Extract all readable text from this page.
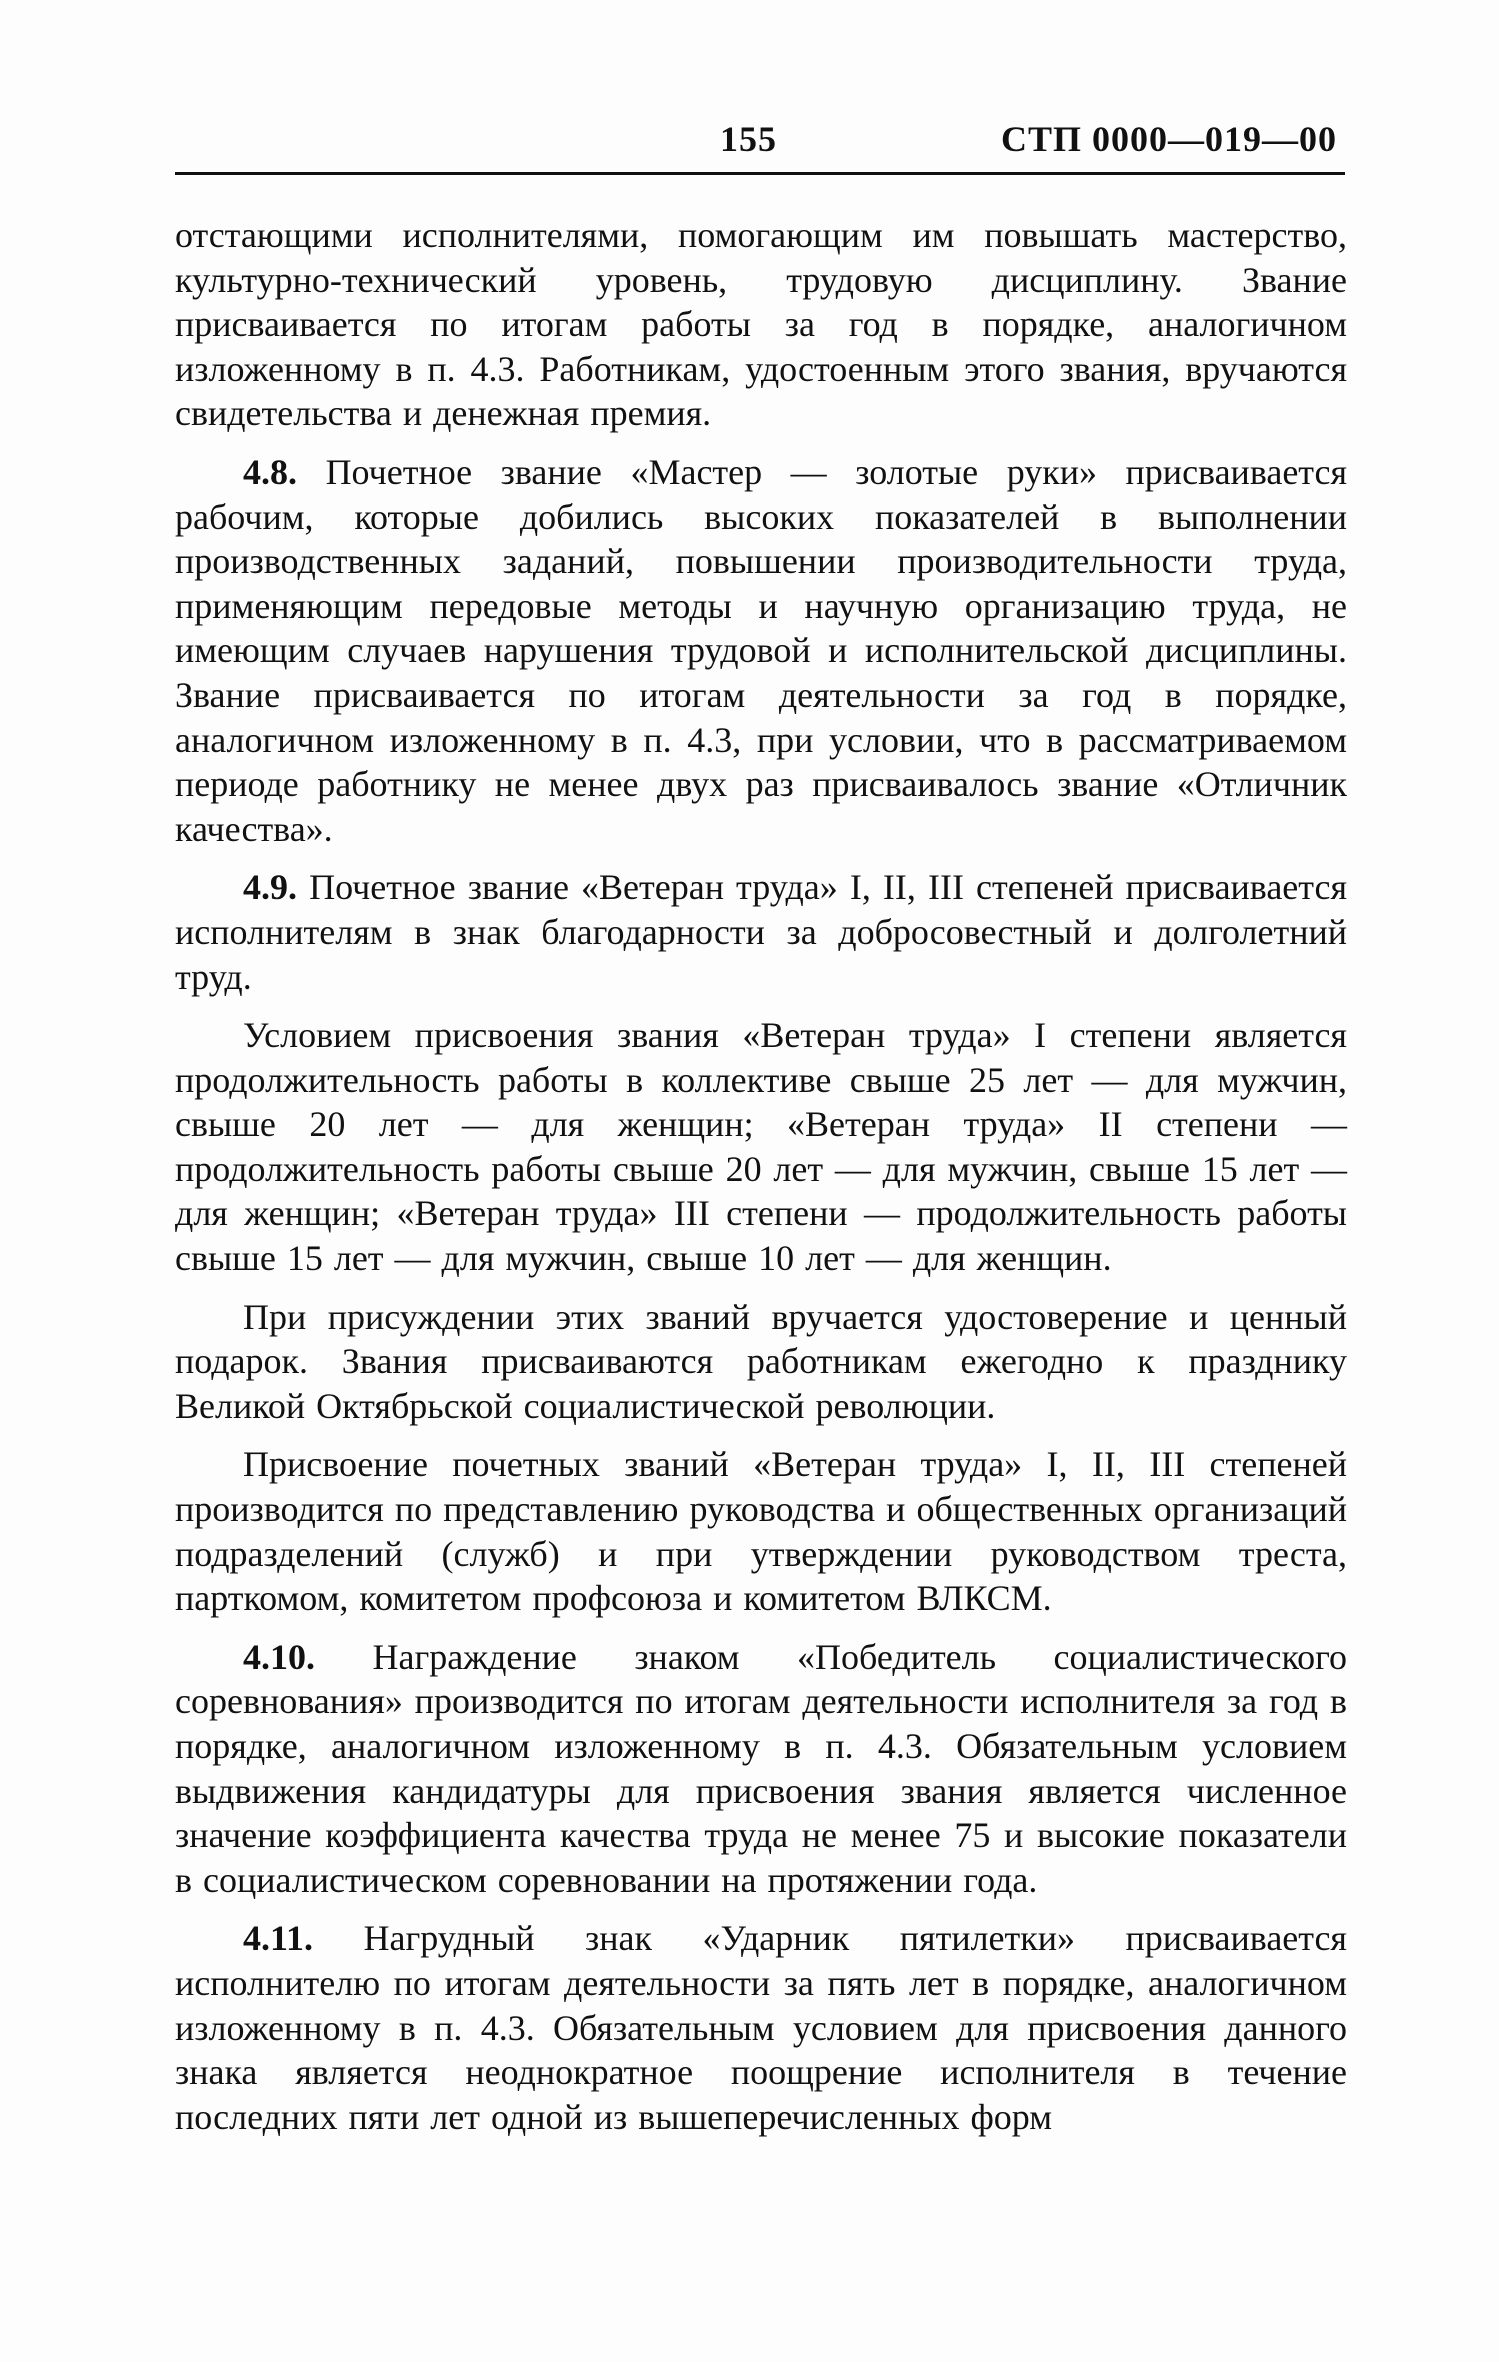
155	СТП 0000—019—00

отстающими исполнителями, помогающим им повышать мастерство, культурно-технический уровень, трудовую дисциплину. Звание присваивается по итогам работы за год в порядке, аналогичном изложенному в п. 4.3. Работникам, удостоенным этого звания, вручаются свидетельства и денежная премия.

4.8. Почетное звание «Мастер — золотые руки» присваивается рабочим, которые добились высоких показателей в выполнении производственных заданий, повышении производительности труда, применяющим передовые методы и научную организацию труда, не имеющим случаев нарушения трудовой и исполнительской дисциплины. Звание присваивается по итогам деятельности за год в порядке, аналогичном изложенному в п. 4.3, при условии, что в рассматриваемом периоде работнику не менее двух раз присваивалось звание «Отличник качества».

4.9. Почетное звание «Ветеран труда» I, II, III степеней присваивается исполнителям в знак благодарности за добросовестный и долголетний труд.

Условием присвоения звания «Ветеран труда» I степени является продолжительность работы в коллективе свыше 25 лет — для мужчин, свыше 20 лет — для женщин; «Ветеран труда» II степени — продолжительность работы свыше 20 лет — для мужчин, свыше 15 лет — для женщин; «Ветеран труда» III степени — продолжительность работы свыше 15 лет — для мужчин, свыше 10 лет — для женщин.

При присуждении этих званий вручается удостоверение и ценный подарок. Звания присваиваются работникам ежегодно к празднику Великой Октябрьской социалистической революции.

Присвоение почетных званий «Ветеран труда» I, II, III степеней производится по представлению руководства и общественных организаций подразделений (служб) и при утверждении руководством треста, парткомом, комитетом профсоюза и комитетом ВЛКСМ.

4.10. Награждение знаком «Победитель социалистического соревнования» производится по итогам деятельности исполнителя за год в порядке, аналогичном изложенному в п. 4.3. Обязательным условием выдвижения кандидатуры для присвоения звания является численное значение коэффициента качества труда не менее 75 и высокие показатели в социалистическом соревновании на протяжении года.

4.11. Нагрудный знак «Ударник пятилетки» присваивается исполнителю по итогам деятельности за пять лет в порядке, аналогичном изложенному в п. 4.3. Обязательным условием для присвоения данного знака является неоднократное поощрение исполнителя в течение последних пяти лет одной из вышеперечисленных форм
